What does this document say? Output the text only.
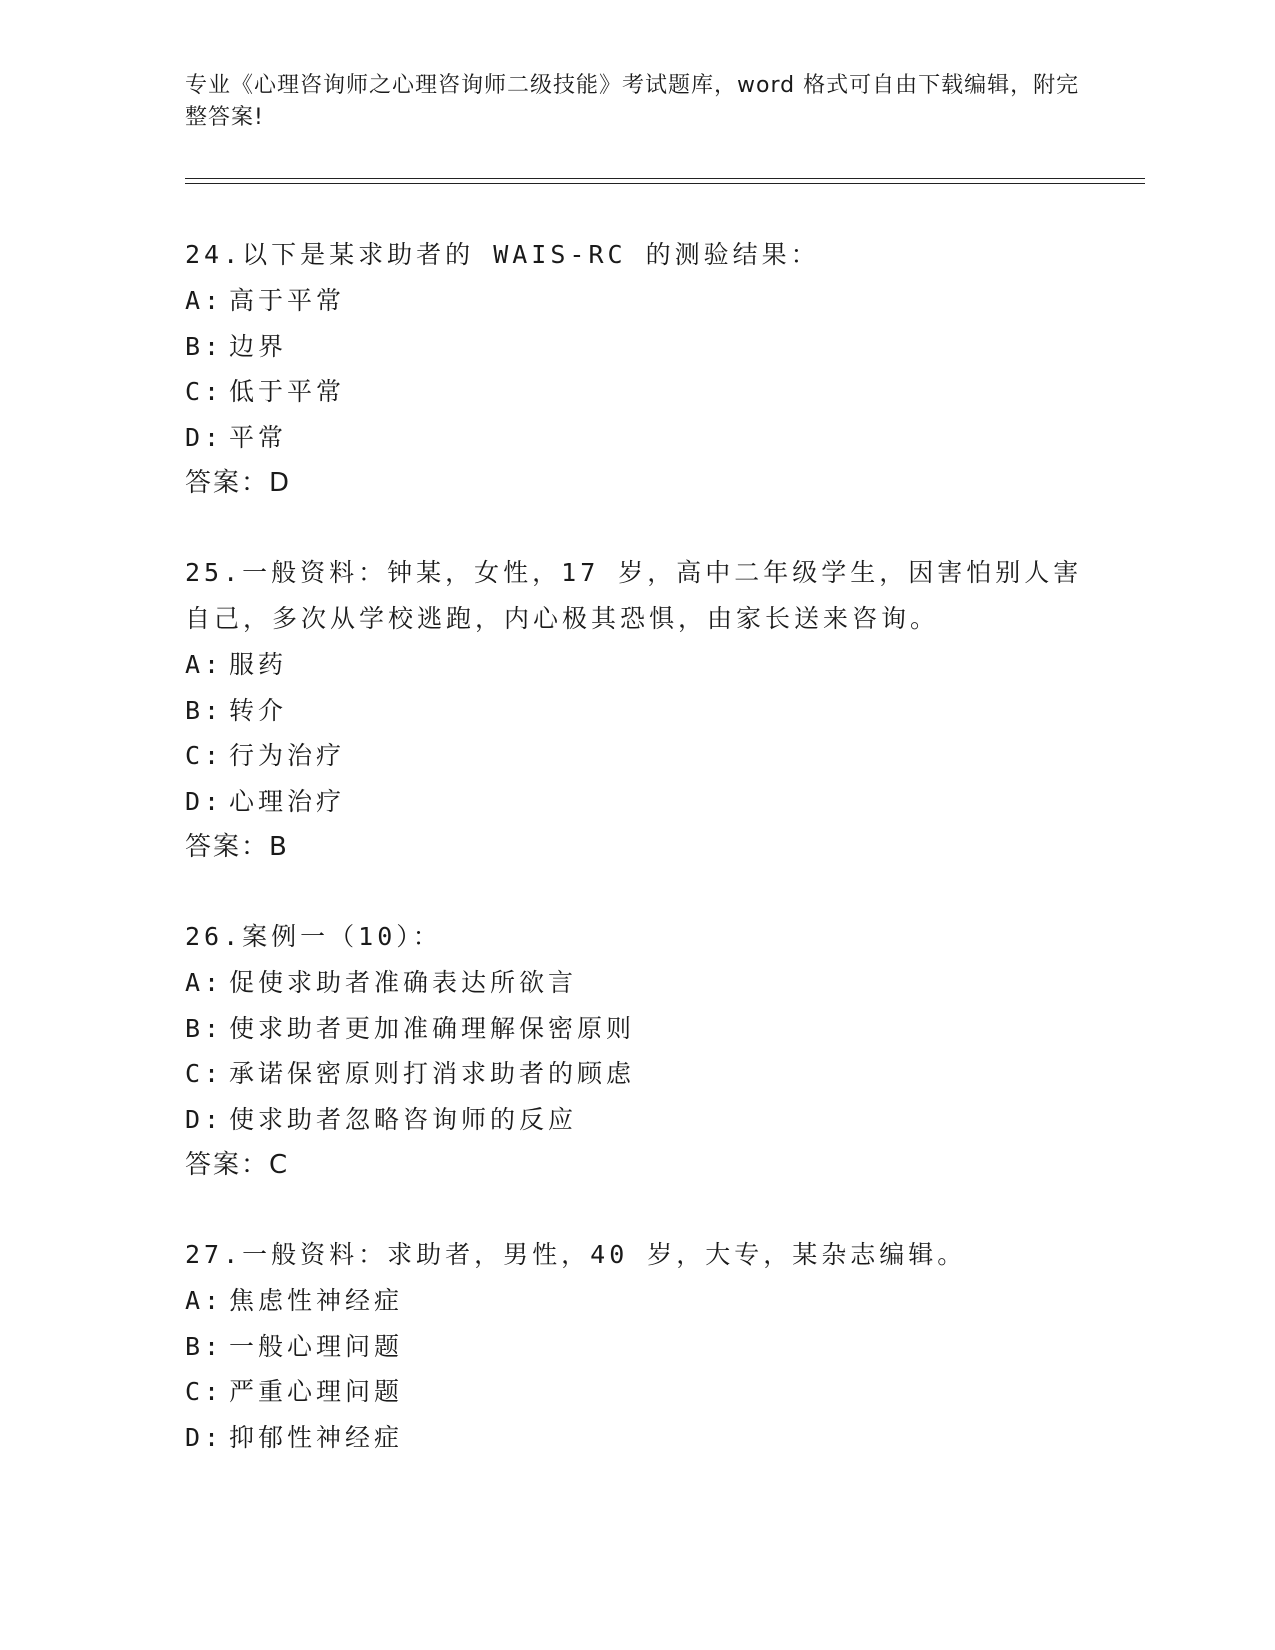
专业《心理咨询师之心理咨询师二级技能》考试题库，word 格式可自由下载编辑，附完整答案!

24.以下是某求助者的 WAIS-RC 的测验结果：

A: 高于平常

B: 边界

C: 低于平常

D: 平常

答案：D

25.一般资料：钟某，女性，17 岁，高中二年级学生，因害怕别人害自己，多次从学校逃跑，内心极其恐惧，由家长送来咨询。

A: 服药

B: 转介

C: 行为治疗

D: 心理治疗

答案：B

26.案例一（10）：

A: 促使求助者准确表达所欲言

B: 使求助者更加准确理解保密原则

C: 承诺保密原则打消求助者的顾虑

D: 使求助者忽略咨询师的反应

答案：C

27.一般资料：求助者，男性，40 岁，大专，某杂志编辑。

A: 焦虑性神经症

B: 一般心理问题

C: 严重心理问题

D: 抑郁性神经症
